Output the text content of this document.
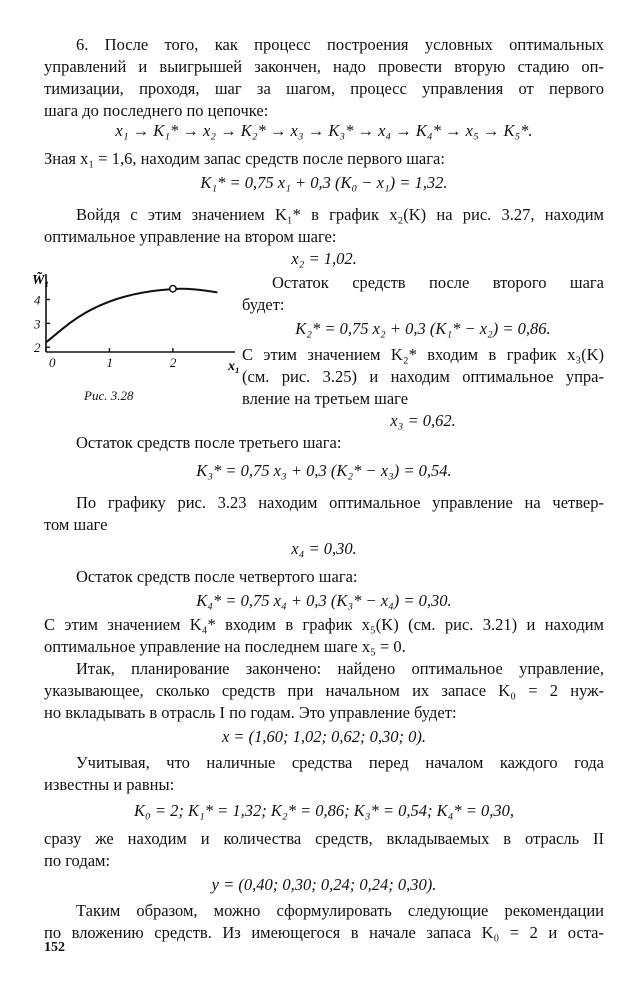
6. После того, как процесс построения условных оптимальных
управлений и выигрышей закончен, надо провести вторую стадию оп-
тимизации, проходя, шаг за шагом, процесс управления от первого
шага до последнего по цепочке:
x₁ → K₁* → x₂ → K₂* → x₃ → K₃* → x₄ → K₄* → x₅ → K₅*.
Зная x₁ = 1,6, находим запас средств после первого шага:
K₁* = 0,75 x₁ + 0,3 (K₀ − x₁) = 1,32.
Войдя с этим значением K₁* в график x₂(K) на рис. 3.27, находим
оптимальное управление на втором шаге:
x₂ = 1,02.
Остаток средств после второго шага
будет:
K₂* = 0,75 x₂ + 0,3 (K₁* − x₂) = 0,86.
С этим значением K₂* входим в график x₃(K)
(см. рис. 3.25) и находим оптимальное упра-
вление на третьем шаге
x₃ = 0,62.
Остаток средств после третьего шага:
K₃* = 0,75 x₃ + 0,3 (K₂* − x₃) = 0,54.
По графику рис. 3.23 находим оптимальное управление на четвер-
том шаге
x₄ = 0,30.
Остаток средств после четвертого шага:
K₄* = 0,75 x₄ + 0,3 (K₃* − x₄) = 0,30.
С этим значением K₄* входим в график x₅(K) (см. рис. 3.21) и находим
оптимальное управление на последнем шаге x₅ = 0.
Итак, планирование закончено: найдено оптимальное управление,
указывающее, сколько средств при начальном их запасе K₀ = 2 нуж-
но вкладывать в отрасль I по годам. Это управление будет:
x = (1,60; 1,02; 0,62; 0,30; 0).
Учитывая, что наличные средства перед началом каждого года
известны и равны:
K₀ = 2; K₁* = 1,32; K₂* = 0,86; K₃* = 0,54; K₄* = 0,30,
сразу же находим и количества средств, вкладываемых в отрасль II
по годам:
y = (0,40; 0,30; 0,24; 0,24; 0,30).
Таким образом, можно сформулировать следующие рекомендации
по вложению средств. Из имеющегося в начале запаса K₀ = 2 и оста-
152
0	1	2
2
3
4
W̃₁
x₁
Рис. 3.28
